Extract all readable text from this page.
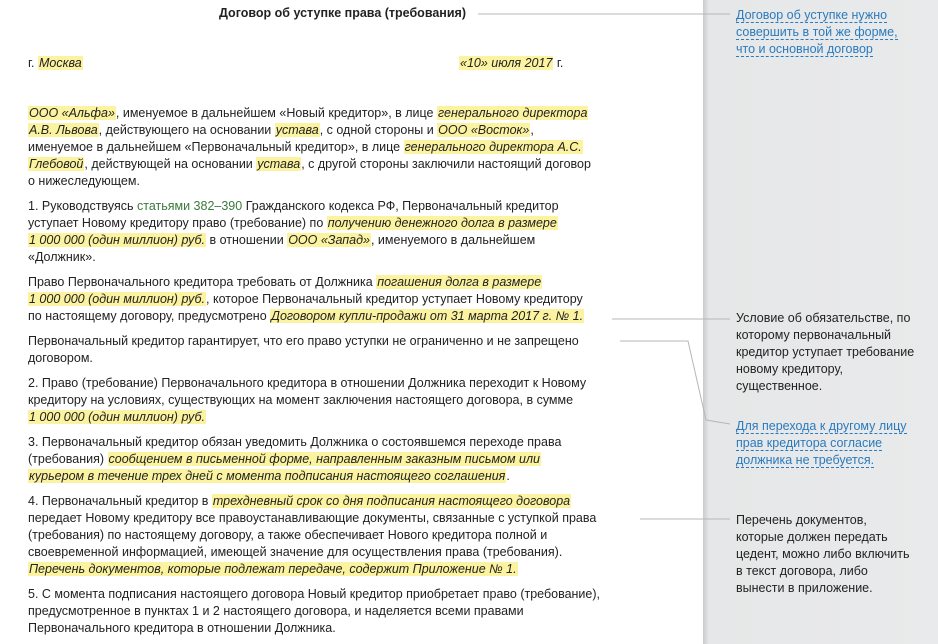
Договор об уступке права (требования)
г. Москва	«10» июля 2017 г.
ООО «Альфа», именуемое в дальнейшем «Новый кредитор», в лице генерального директора
А.В. Львова, действующего на основании устава, с одной стороны и ООО «Восток»,
именуемое в дальнейшем «Первоначальный кредитор», в лице генерального директора А.С.
Глебовой, действующей на основании устава, с другой стороны заключили настоящий договор
о нижеследующем.
1. Руководствуясь статьями 382–390 Гражданского кодекса РФ, Первоначальный кредитор
уступает Новому кредитору право (требование) по получению денежного долга в размере
1 000 000 (один миллион) руб. в отношении ООО «Запад», именуемого в дальнейшем
«Должник».
Право Первоначального кредитора требовать от Должника погашения долга в размере
1 000 000 (один миллион) руб., которое Первоначальный кредитор уступает Новому кредитору
по настоящему договору, предусмотрено Договором купли-продажи от 31 марта 2017 г. № 1.
Первоначальный кредитор гарантирует, что его право уступки не ограниченно и не запрещено
договором.
2. Право (требование) Первоначального кредитора в отношении Должника переходит к Новому
кредитору на условиях, существующих на момент заключения настоящего договора, в сумме
1 000 000 (один миллион) руб.
3. Первоначальный кредитор обязан уведомить Должника о состоявшемся переходе права
(требования) сообщением в письменной форме, направленным заказным письмом или
курьером в течение трех дней с момента подписания настоящего соглашения.
4. Первоначальный кредитор в трехдневный срок со дня подписания настоящего договора
передает Новому кредитору все правоустанавливающие документы, связанные с уступкой права
(требования) по настоящему договору, а также обеспечивает Нового кредитора полной и
своевременной информацией, имеющей значение для осуществления права (требования).
Перечень документов, которые подлежат передаче, содержит Приложение № 1.
5. С момента подписания настоящего договора Новый кредитор приобретает право (требование),
предусмотренное в пунктах 1 и 2 настоящего договора, и наделяется всеми правами
Первоначального кредитора в отношении Должника.
Договор об уступке нужно
совершить в той же форме,
что и основной договор
Условие об обязательстве, по
которому первоначальный
кредитор уступает требование
новому кредитору,
существенное.
Для перехода к другому лицу
прав кредитора согласие
должника не требуется.
Перечень документов,
которые должен передать
цедент, можно либо включить
в текст договора, либо
вынести в приложение.
